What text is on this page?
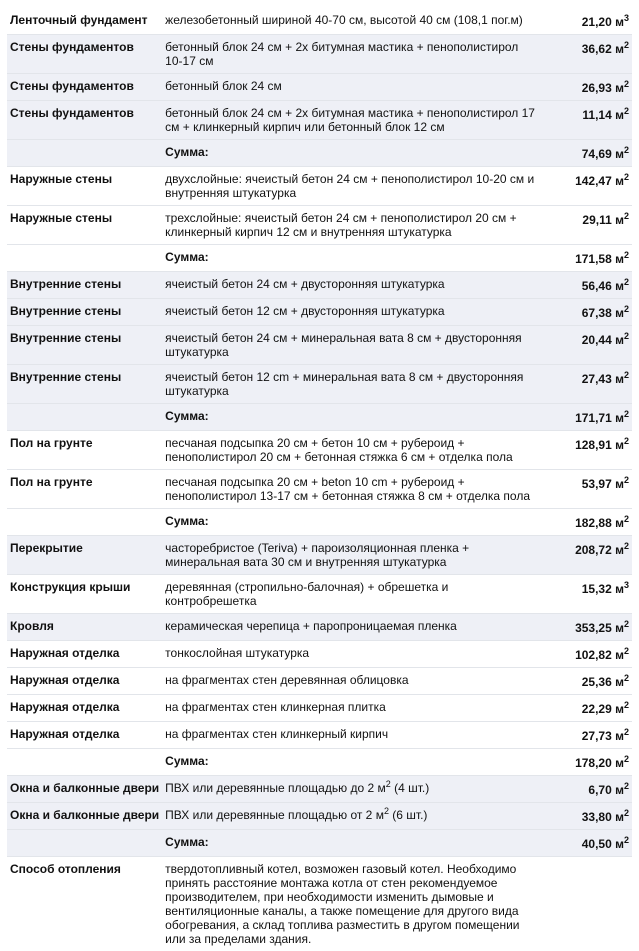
Ленточный фундамент	железобетонный шириной 40-70 см, высотой 40 см (108,1 пог.м)	21,20 $м^3$
Стены фундаментов	бетонный блок 24 см + 2x битумная мастика + пенополистирол 10-17 см	36,62 $м^2$
Стены фундаментов	бетонный блок 24 см	26,93 $м^2$
Стены фундаментов	бетонный блок 24 см + 2x битумная мастика + пенополистирол 17 см + клинкерный кирпич или бетонный блок 12 см	11,14 $м^2$
	Сумма:	74,69 $м^2$
Наружные стены	двухслойные: ячеистый бетон 24 см + пенополистирол 10-20 см и внутренняя штукатурка	142,47 $м^2$
Наружные стены	трехслойные: ячеистый бетон 24 см + пенополистирол 20 см + клинкерный кирпич 12 см и внутренняя штукатурка	29,11 $м^2$
	Сумма:	171,58 $м^2$
Внутренние стены	ячеистый бетон 24 см + двусторонняя штукатурка	56,46 $м^2$
Внутренние стены	ячеистый бетон 12 см + двусторонняя штукатурка	67,38 $м^2$
Внутренние стены	ячеистый бетон 24 см + минеральная вата 8 см + двусторонняя штукатурка	20,44 $м^2$
Внутренние стены	ячеистый бетон 12 cm + минеральная вата 8 см + двусторонняя штукатурка	27,43 $м^2$
	Сумма:	171,71 $м^2$
Пол на грунте	песчаная подсыпка 20 см + бетон 10 см + рубероид + пенополистирол 20 см + бетонная стяжка 6 см + отделка пола	128,91 $м^2$
Пол на грунте	песчаная подсыпка 20 см + beton 10 cm + рубероид + пенополистирол 13-17 см + бетонная стяжка 8 см + отделка пола	53,97 $м^2$
	Сумма:	182,88 $м^2$
Перекрытие	часторебристое (Teriva) + пароизоляционная пленка + минеральная вата 30 см и внутренняя штукатурка	208,72 $м^2$
Конструкция крыши	деревянная (стропильно-балочная) + обрешетка и контробрешетка	15,32 $м^3$
Кровля	керамическая черепица + паропроницаемая пленка	353,25 $м^2$
Наружная отделка	тонкослойная штукатурка	102,82 $м^2$
Наружная отделка	на фрагментах стен деревянная облицовка	25,36 $м^2$
Наружная отделка	на фрагментах стен клинкерная плитка	22,29 $м^2$
Наружная отделка	на фрагментах стен клинкерный кирпич	27,73 $м^2$
	Сумма:	178,20 $м^2$
Окна и балконные двери	ПВХ или деревянные площадью до 2 $м^2$ (4 шт.)	6,70 $м^2$
Окна и балконные двери	ПВХ или деревянные площадью от 2 $м^2$ (6 шт.)	33,80 $м^2$
	Сумма:	40,50 $м^2$
Способ отопления	твердотопливный котел, возможен газовый котел. Необходимо принять расстояние монтажа котла от стен рекомендуемое производителем, при необходимости изменить дымовые и вентиляционные каналы, а также помещение для другого вида обогревания, а склад топлива разместить в другом помещении или за пределами здания.	
